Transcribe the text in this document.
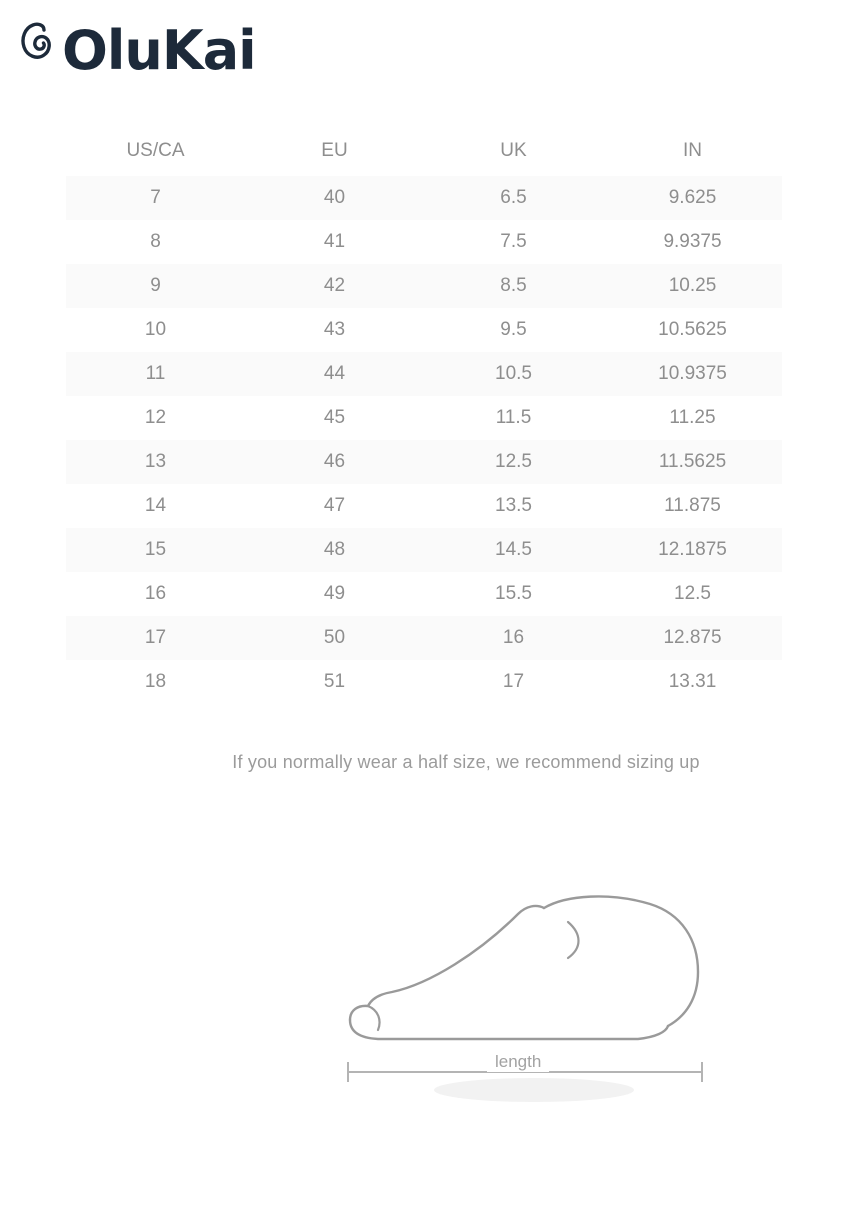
OluKai
US/CA	EU	UK	IN
7	40	6.5	9.625
8	41	7.5	9.9375
9	42	8.5	10.25
10	43	9.5	10.5625
11	44	10.5	10.9375
12	45	11.5	11.25
13	46	12.5	11.5625
14	47	13.5	11.875
15	48	14.5	12.1875
16	49	15.5	12.5
17	50	16	12.875
18	51	17	13.31
If you normally wear a half size, we recommend sizing up
length
